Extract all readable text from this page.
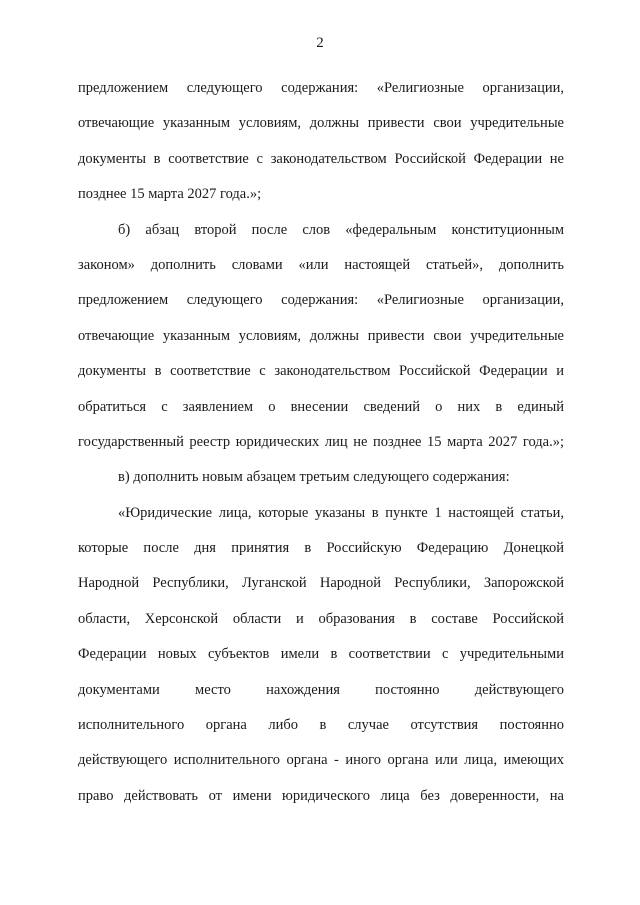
2
предложением следующего содержания: «Религиозные организации,
отвечающие указанным условиям, должны привести свои учредительные
документы в соответствие с законодательством Российской Федерации не
позднее 15 марта 2027 года.»;
б) абзац второй после слов «федеральным конституционным
законом» дополнить словами «или настоящей статьей», дополнить
предложением следующего содержания: «Религиозные организации,
отвечающие указанным условиям, должны привести свои учредительные
документы в соответствие с законодательством Российской Федерации и
обратиться с заявлением о внесении сведений о них в единый
государственный реестр юридических лиц не позднее 15 марта 2027 года.»;
в) дополнить новым абзацем третьим следующего содержания:
«Юридические лица, которые указаны в пункте 1 настоящей статьи,
которые после дня принятия в Российскую Федерацию Донецкой
Народной Республики, Луганской Народной Республики, Запорожской
области, Херсонской области и образования в составе Российской
Федерации новых субъектов имели в соответствии с учредительными
документами место нахождения постоянно действующего
исполнительного органа либо в случае отсутствия постоянно
действующего исполнительного органа - иного органа или лица, имеющих
право действовать от имени юридического лица без доверенности, на
